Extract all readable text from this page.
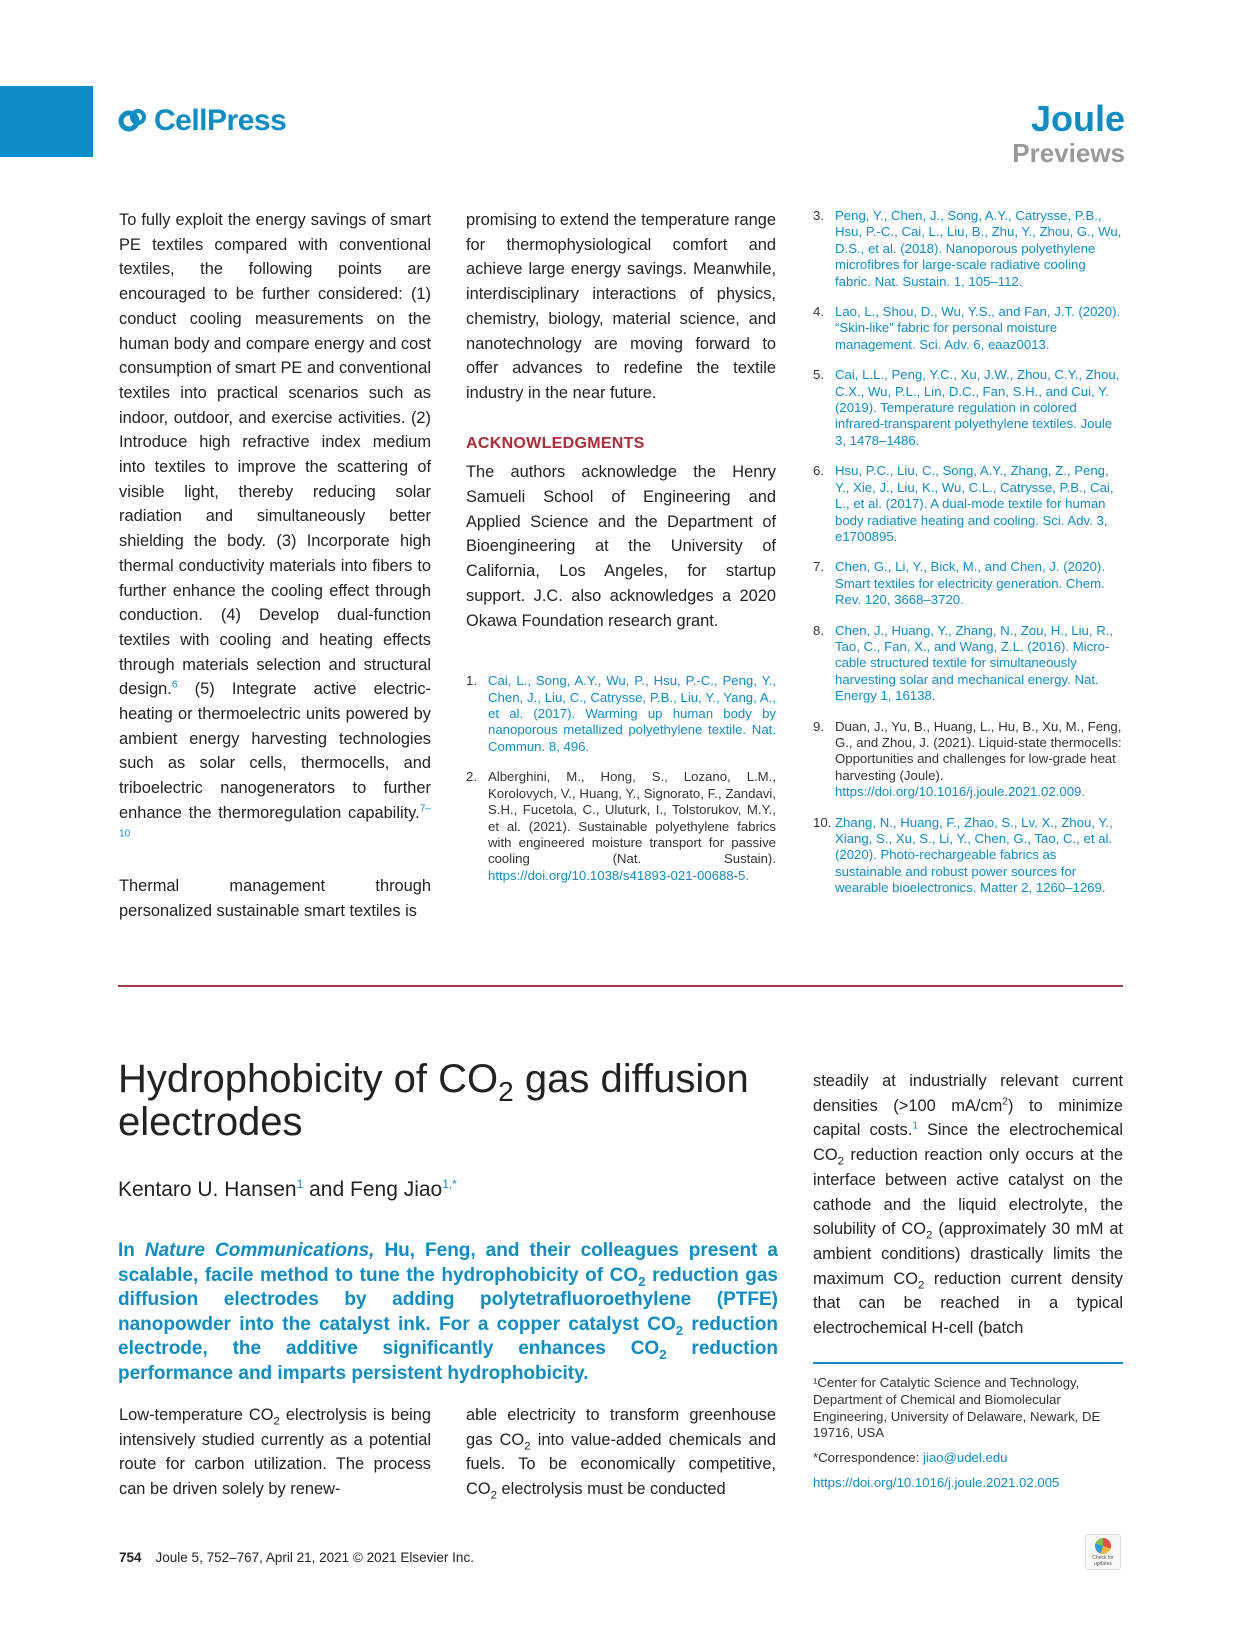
CellPress	Joule
Previews

To fully exploit the energy savings of smart PE textiles compared with conventional textiles, the following points are encouraged to be further considered: (1) conduct cooling measurements on the human body and compare energy and cost consumption of smart PE and conventional textiles into practical scenarios such as indoor, outdoor, and exercise activities. (2) Introduce high refractive index medium into textiles to improve the scattering of visible light, thereby reducing solar radiation and simultaneously better shielding the body. (3) Incorporate high thermal conductivity materials into fibers to further enhance the cooling effect through conduction. (4) Develop dual-function textiles with cooling and heating effects through materials selection and structural design.$^6$ (5) Integrate active electric-heating or thermoelectric units powered by ambient energy harvesting technologies such as solar cells, thermocells, and triboelectric nanogenerators to further enhance the thermoregulation capability.$^{7-10}$

Thermal management through personalized sustainable smart textiles is

promising to extend the temperature range for thermophysiological comfort and achieve large energy savings. Meanwhile, interdisciplinary interactions of physics, chemistry, biology, material science, and nanotechnology are moving forward to offer advances to redefine the textile industry in the near future.

ACKNOWLEDGMENTS

The authors acknowledge the Henry Samueli School of Engineering and Applied Science and the Department of Bioengineering at the University of California, Los Angeles, for startup support. J.C. also acknowledges a 2020 Okawa Foundation research grant.

1. Cai, L., Song, A.Y., Wu, P., Hsu, P.-C., Peng, Y., Chen, J., Liu, C., Catrysse, P.B., Liu, Y., Yang, A., et al. (2017). Warming up human body by nanoporous metallized polyethylene textile. Nat. Commun. 8, 496.
2. Alberghini, M., Hong, S., Lozano, L.M., Korolovych, V., Huang, Y., Signorato, F., Zandavi, S.H., Fucetola, C., Uluturk, I., Tolstorukov, M.Y., et al. (2021). Sustainable polyethylene fabrics with engineered moisture transport for passive cooling (Nat. Sustain). https://doi.org/10.1038/s41893-021-00688-5.
3. Peng, Y., Chen, J., Song, A.Y., Catrysse, P.B., Hsu, P.-C., Cai, L., Liu, B., Zhu, Y., Zhou, G., Wu, D.S., et al. (2018). Nanoporous polyethylene microfibres for large-scale radiative cooling fabric. Nat. Sustain. 1, 105–112.
4. Lao, L., Shou, D., Wu, Y.S., and Fan, J.T. (2020). “Skin-like” fabric for personal moisture management. Sci. Adv. 6, eaaz0013.
5. Cai, L.L., Peng, Y.C., Xu, J.W., Zhou, C.Y., Zhou, C.X., Wu, P.L., Lin, D.C., Fan, S.H., and Cui, Y. (2019). Temperature regulation in colored infrared-transparent polyethylene textiles. Joule 3, 1478–1486.
6. Hsu, P.C., Liu, C., Song, A.Y., Zhang, Z., Peng, Y., Xie, J., Liu, K., Wu, C.L., Catrysse, P.B., Cai, L., et al. (2017). A dual-mode textile for human body radiative heating and cooling. Sci. Adv. 3, e1700895.
7. Chen, G., Li, Y., Bick, M., and Chen, J. (2020). Smart textiles for electricity generation. Chem. Rev. 120, 3668–3720.
8. Chen, J., Huang, Y., Zhang, N., Zou, H., Liu, R., Tao, C., Fan, X., and Wang, Z.L. (2016). Micro-cable structured textile for simultaneously harvesting solar and mechanical energy. Nat. Energy 1, 16138.
9. Duan, J., Yu, B., Huang, L., Hu, B., Xu, M., Feng, G., and Zhou, J. (2021). Liquid-state thermocells: Opportunities and challenges for low-grade heat harvesting (Joule). https://doi.org/10.1016/j.joule.2021.02.009.
10. Zhang, N., Huang, F., Zhao, S., Lv, X., Zhou, Y., Xiang, S., Xu, S., Li, Y., Chen, G., Tao, C., et al. (2020). Photo-rechargeable fabrics as sustainable and robust power sources for wearable bioelectronics. Matter 2, 1260–1269.
Hydrophobicity of $CO_2$ gas diffusion electrodes
Kentaro U. Hansen$^1$ and Feng Jiao$^{1,*}$
In Nature Communications, Hu, Feng, and their colleagues present a scalable, facile method to tune the hydrophobicity of $CO_2$ reduction gas diffusion electrodes by adding polytetrafluoroethylene (PTFE) nanopowder into the catalyst ink. For a copper catalyst $CO_2$ reduction electrode, the additive significantly enhances $CO_2$ reduction performance and imparts persistent hydrophobicity.

Low-temperature $CO_2$ electrolysis is being intensively studied currently as a potential route for carbon utilization. The process can be driven solely by renew-

able electricity to transform greenhouse gas $CO_2$ into value-added chemicals and fuels. To be economically competitive, $CO_2$ electrolysis must be conducted

steadily at industrially relevant current densities (>100 $mA/cm^2$) to minimize capital costs.$^1$ Since the electrochemical $CO_2$ reduction reaction only occurs at the interface between active catalyst on the cathode and the liquid electrolyte, the solubility of $CO_2$ (approximately 30 mM at ambient conditions) drastically limits the maximum $CO_2$ reduction current density that can be reached in a typical electrochemical H-cell (batch

¹Center for Catalytic Science and Technology, Department of Chemical and Biomolecular Engineering, University of Delaware, Newark, DE 19716, USA

*Correspondence: jiao@udel.edu

https://doi.org/10.1016/j.joule.2021.02.005

754 Joule 5, 752–767, April 21, 2021 © 2021 Elsevier Inc.	Check for updates
